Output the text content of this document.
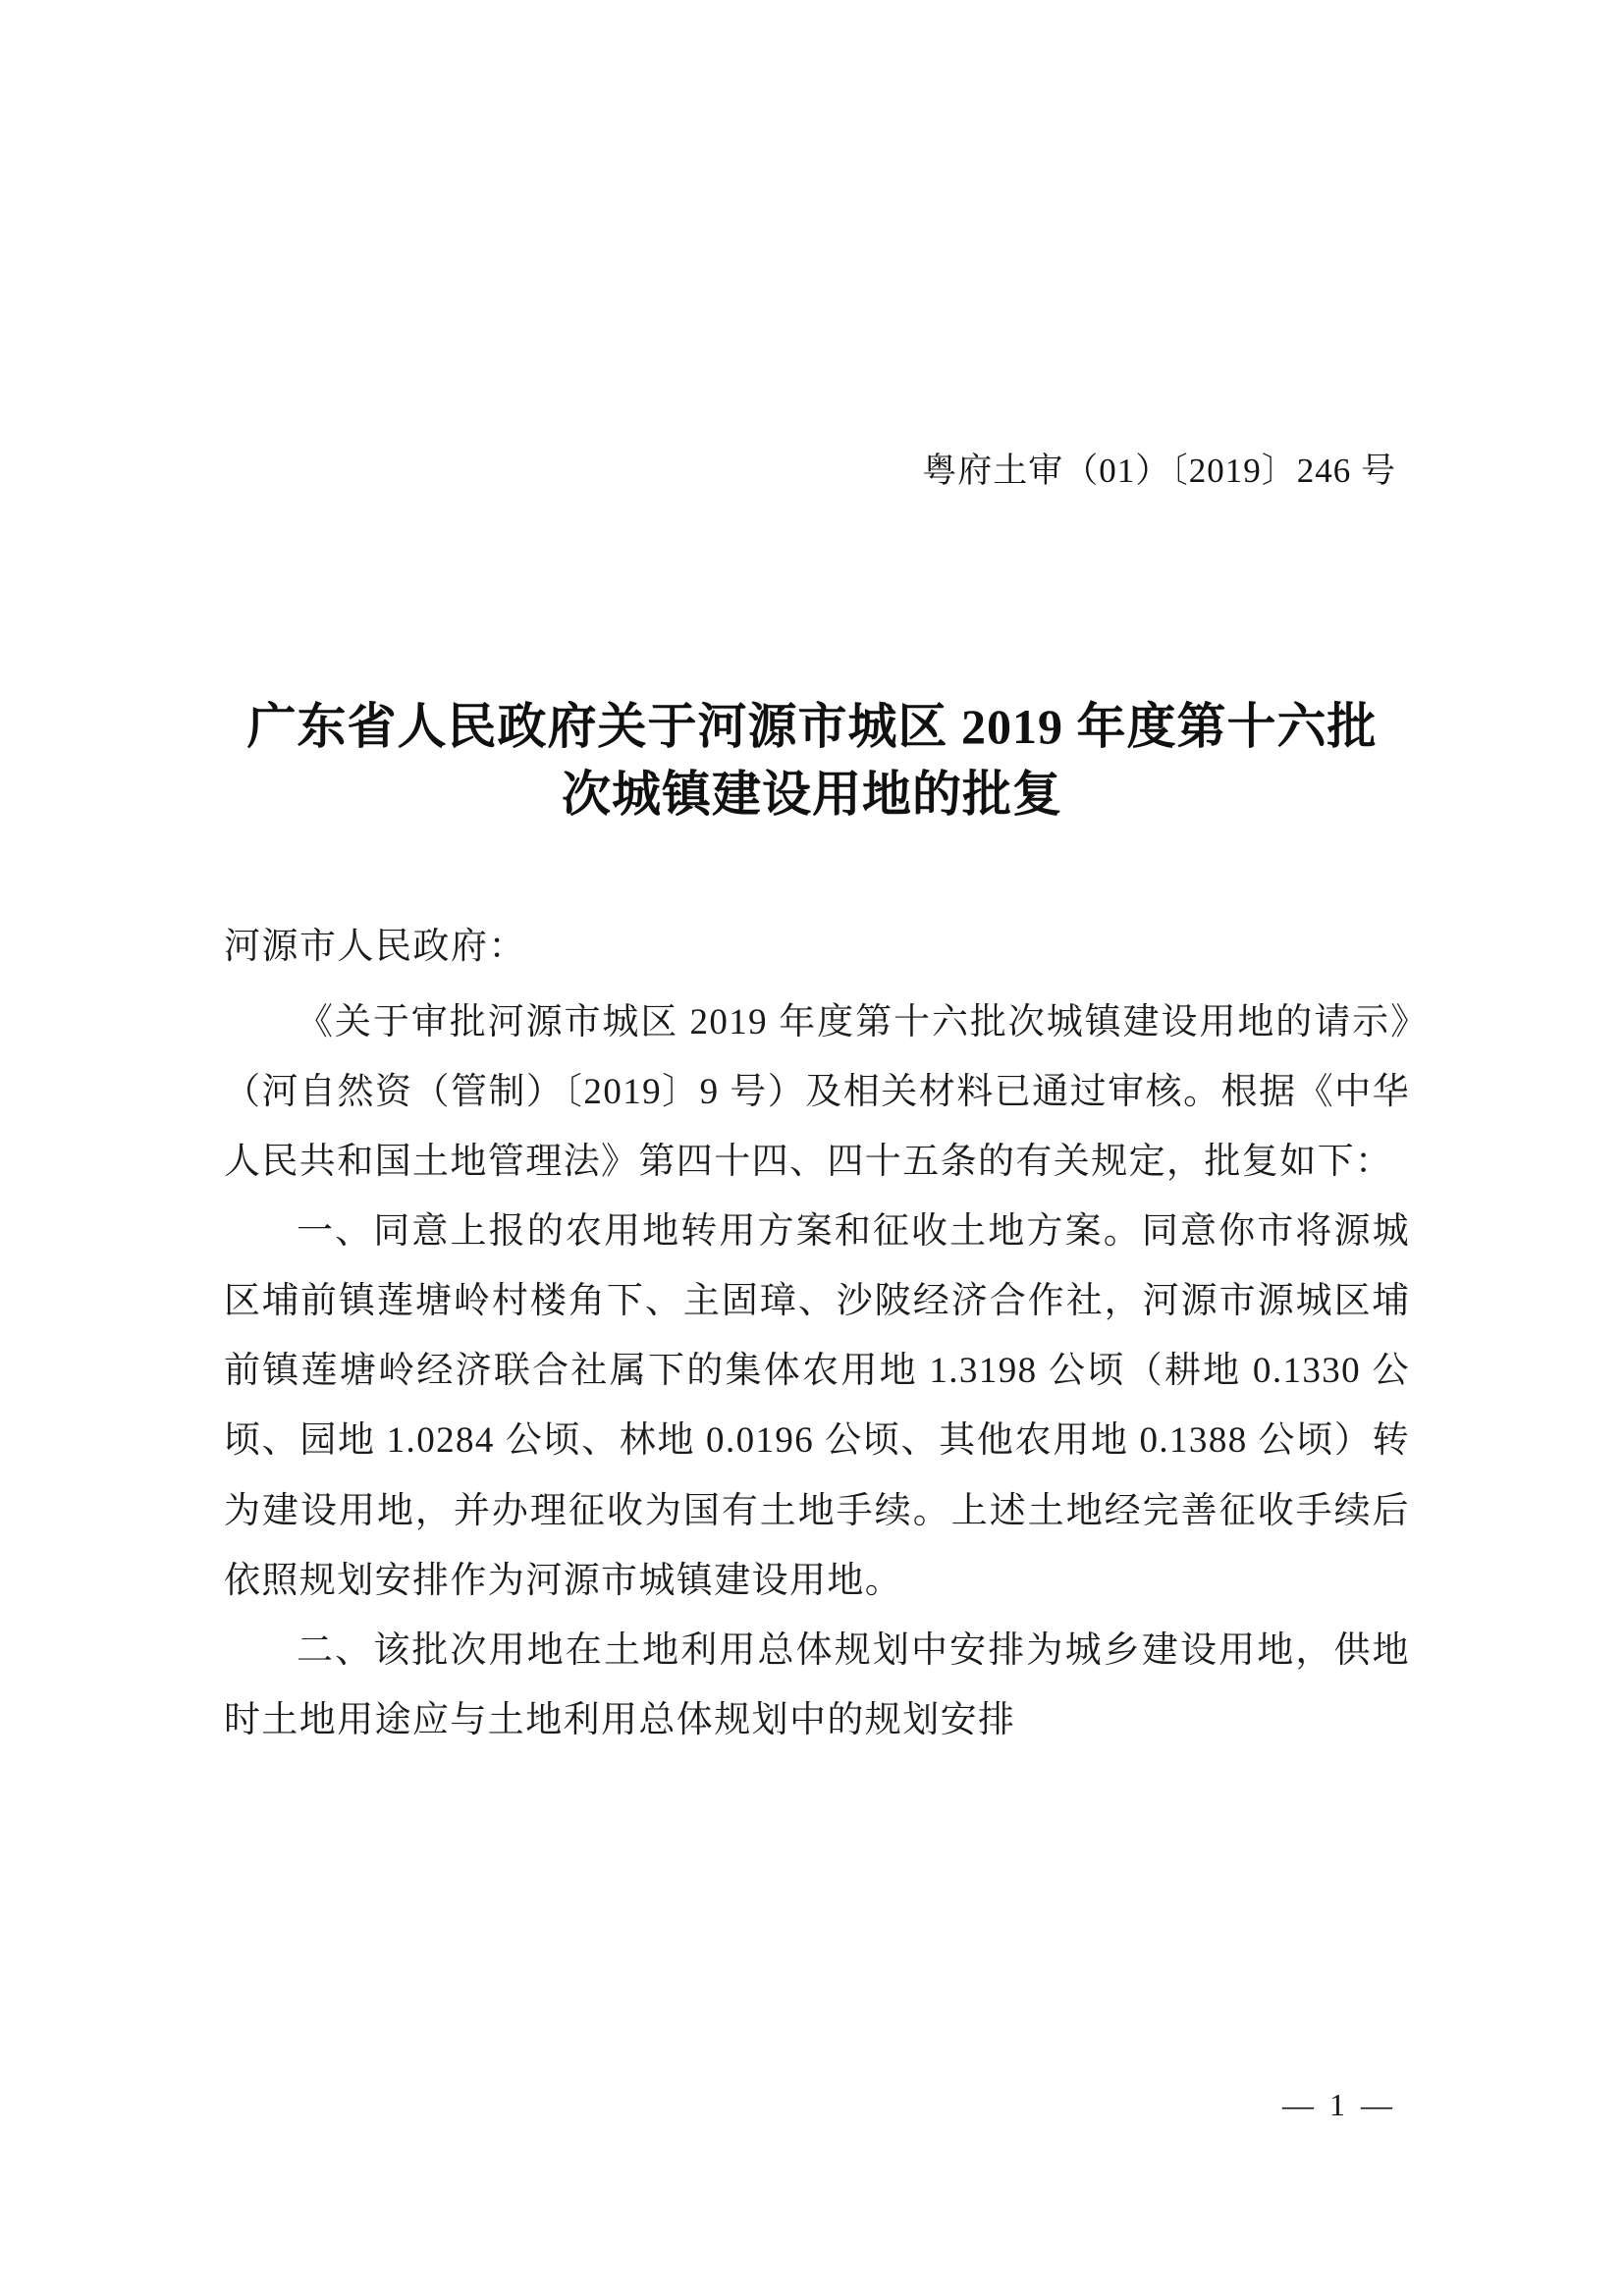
粤府土审（01）〔2019〕246 号
广东省人民政府关于河源市城区 2019 年度第十六批次城镇建设用地的批复

河源市人民政府：

《关于审批河源市城区 2019 年度第十六批次城镇建设用地的请示》（河自然资（管制）〔2019〕9 号）及相关材料已通过审核。根据《中华人民共和国土地管理法》第四十四、四十五条的有关规定，批复如下：

一、同意上报的农用地转用方案和征收土地方案。同意你市将源城区埔前镇莲塘岭村楼角下、主固璋、沙陂经济合作社，河源市源城区埔前镇莲塘岭经济联合社属下的集体农用地 1.3198 公顷（耕地 0.1330 公顷、园地 1.0284 公顷、林地 0.0196 公顷、其他农用地 0.1388 公顷）转为建设用地，并办理征收为国有土地手续。上述土地经完善征收手续后依照规划安排作为河源市城镇建设用地。

二、该批次用地在土地利用总体规划中安排为城乡建设用地，供地时土地用途应与土地利用总体规划中的规划安排

— 1 —
